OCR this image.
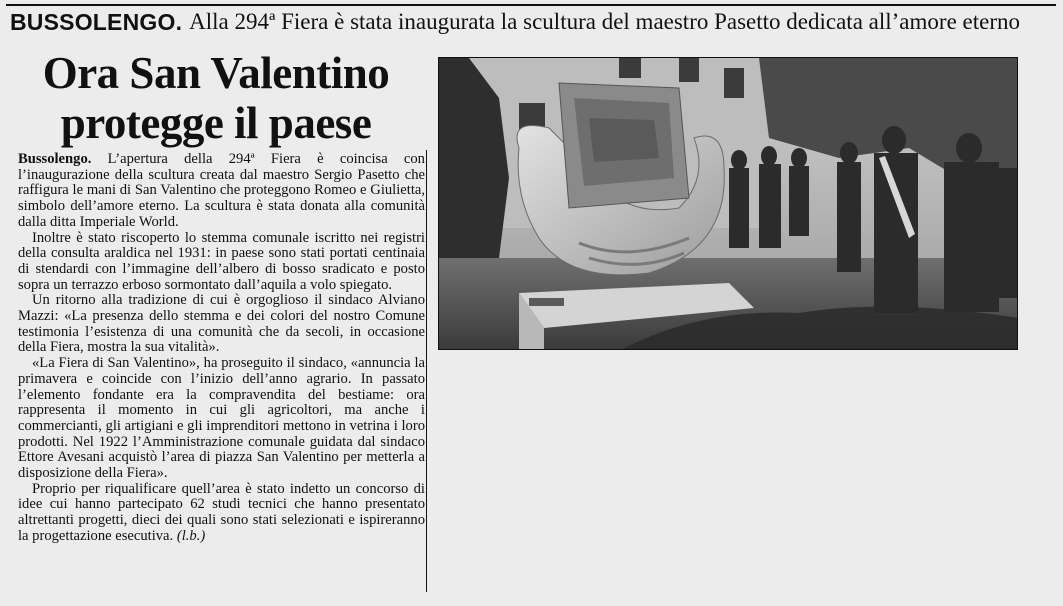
BUSSOLENGO. Alla 294ª Fiera è stata inaugurata la scultura del maestro Pasetto dedicata all’amore eterno
Ora San Valentino
protegge il paese

Bussolengo. L’apertura della 294ª Fiera è coincisa con l’inaugurazione della scultura creata dal maestro Sergio Pasetto che raffigura le mani di San Valentino che proteggono Romeo e Giulietta, simbolo dell’amore eterno. La scultura è stata donata alla comunità dalla ditta Imperiale World.

Inoltre è stato riscoperto lo stemma comunale iscritto nei registri della consulta araldica nel 1931: in paese sono stati portati centinaia di stendardi con l’immagine dell’albero di bosso sradicato e posto sopra un terrazzo erboso sormontato dall’aquila a volo spiegato.

Un ritorno alla tradizione di cui è orgoglioso il sindaco Alviano Mazzi: «La presenza dello stemma e dei colori del nostro Comune testimonia l’esistenza di una comunità che da secoli, in occasione della Fiera, mostra la sua vitalità».

«La Fiera di San Valentino», ha proseguito il sindaco, «annuncia la primavera e coincide con l’inizio dell’anno agrario. In passato l’elemento fondante era la compravendita del bestiame: ora rappresenta il momento in cui gli agricoltori, ma anche i commercianti, gli artigiani e gli imprenditori mettono in vetrina i loro prodotti. Nel 1922 l’Amministrazione comunale guidata dal sindaco Ettore Avesani acquistò l’area di piazza San Valentino per metterla a disposizione della Fiera».

Proprio per riqualificare quell’area è stato indetto un concorso di idee cui hanno partecipato 62 studi tecnici che hanno presentato altrettanti progetti, dieci dei quali sono stati selezionati e ispireranno la progettazione esecutiva. (l.b.)
